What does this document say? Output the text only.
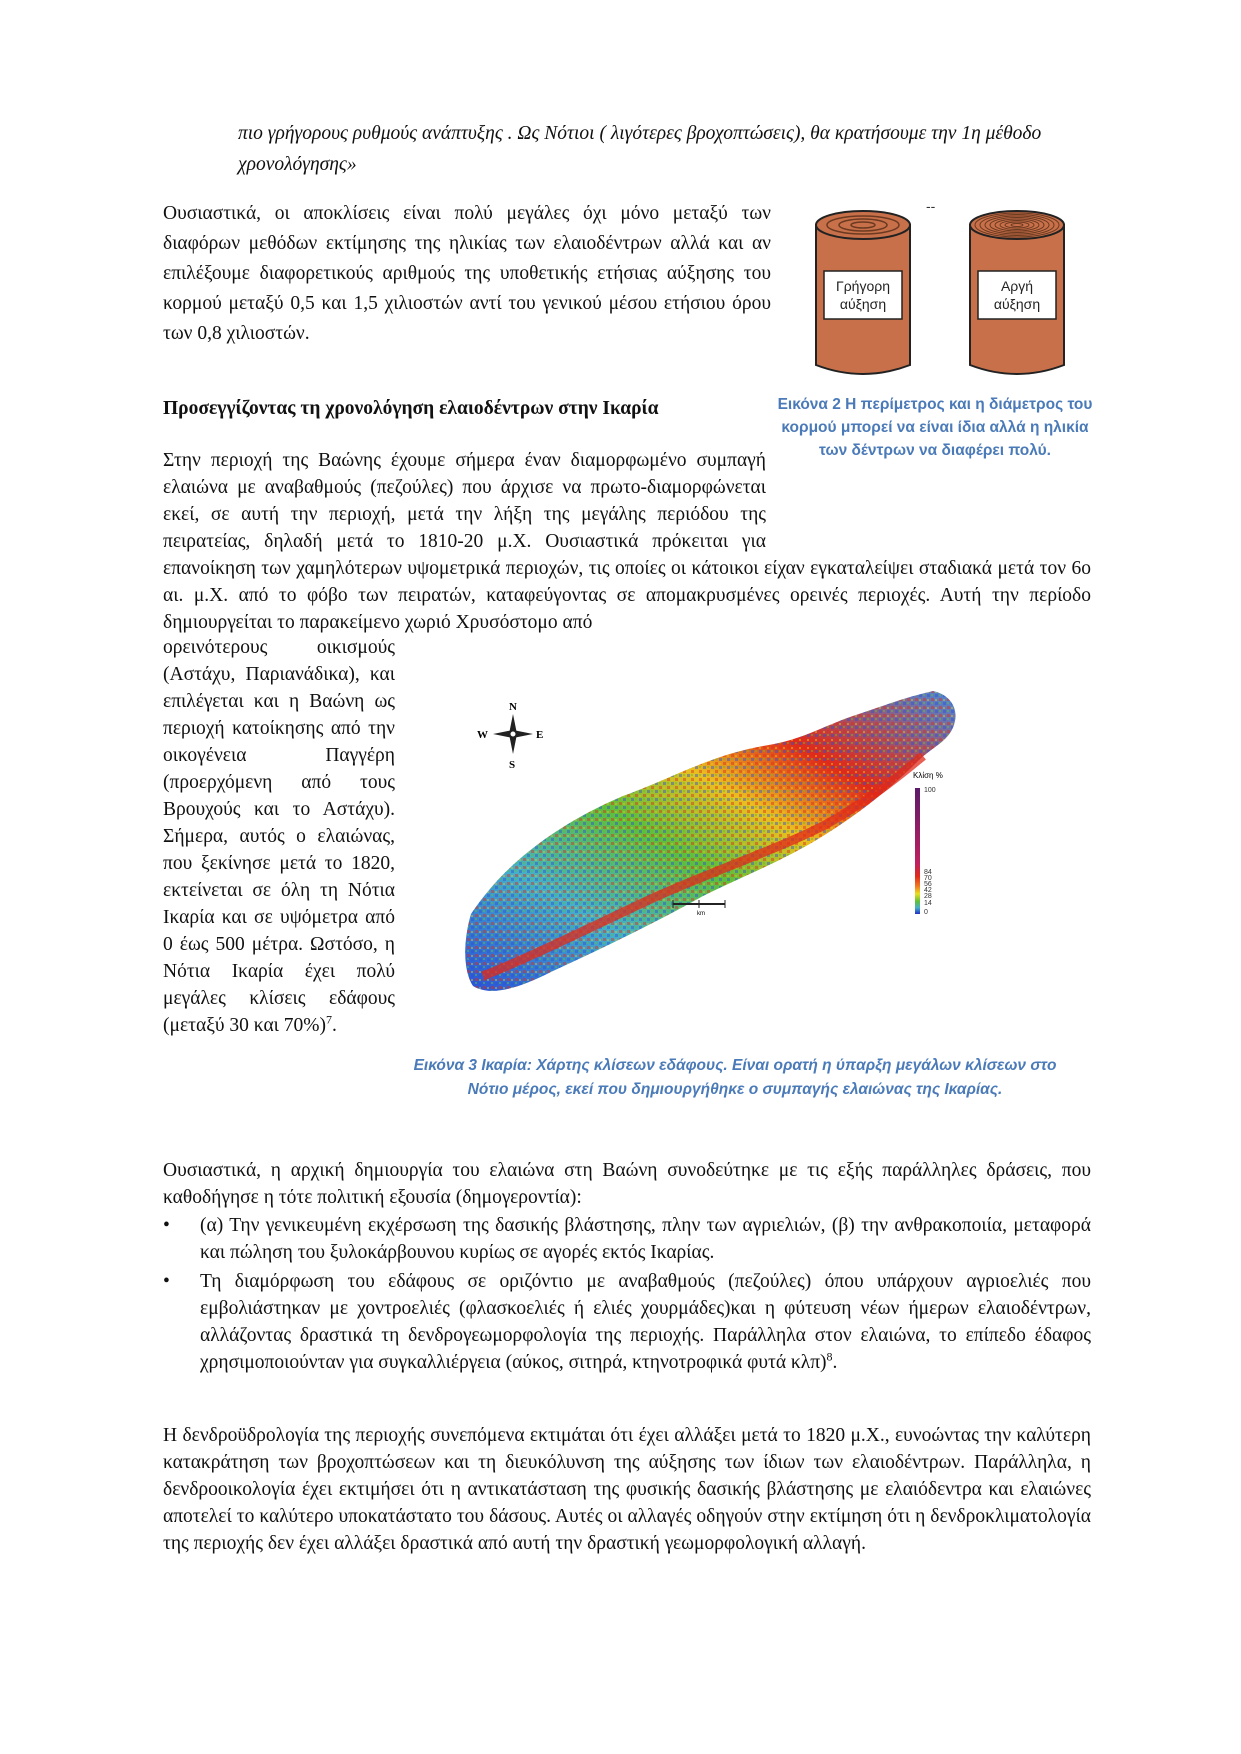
πιο γρήγορους ρυθμούς ανάπτυξης . Ως Νότιοι ( λιγότερες βροχοπτώσεις), θα κρατήσουμε την 1η μέθοδο χρονολόγησης»

Ουσιαστικά, οι αποκλίσεις είναι πολύ μεγάλες όχι μόνο μεταξύ των διαφόρων μεθόδων εκτίμησης της ηλικίας των ελαιοδέντρων αλλά και αν επιλέξουμε διαφορετικούς αριθμούς της υποθετικής ετήσιας αύξησης του κορμού μεταξύ 0,5 και 1,5 χιλιοστών αντί του γενικού μέσου ετήσιου όρου των 0,8 χιλιοστών.

--
Γρήγορη αύξηση
Αργή αύξηση

Εικόνα 2 Η περίμετρος και η διάμετρος του κορμού μπορεί να είναι ίδια αλλά η ηλικία των δέντρων να διαφέρει πολύ.

Προσεγγίζοντας τη χρονολόγηση ελαιοδέντρων στην Ικαρία

Στην περιοχή της Βαώνης έχουμε σήμερα έναν διαμορφωμένο συμπαγή ελαιώνα με αναβαθμούς (πεζούλες) που άρχισε να πρωτο-διαμορφώνεται εκεί, σε αυτή την περιοχή, μετά την λήξη της μεγάλης περιόδου της πειρατείας, δηλαδή μετά το 1810-20 μ.Χ. Ουσιαστικά πρόκειται για επανοίκηση των χαμηλότερων υψομετρικά περιοχών, τις οποίες οι κάτοικοι είχαν εγκαταλείψει σταδιακά μετά τον 6ο αι. μ.Χ. από το φόβο των πειρατών, καταφεύγοντας σε απομακρυσμένες ορεινές περιοχές. Αυτή την περίοδο δημιουργείται το παρακείμενο χωριό Χρυσόστομο από

ορεινότερους οικισμούς (Αστάχυ, Παριανάδικα), και επιλέγεται και η Βαώνη ως περιοχή κατοίκησης από την οικογένεια Παγγέρη (προερχόμενη από τους Βρουχούς και το Αστάχυ). Σήμερα, αυτός ο ελαιώνας, που ξεκίνησε μετά το 1820, εκτείνεται σε όλη τη Νότια Ικαρία και σε υψόμετρα από 0 έως 500 μέτρα. Ωστόσο, η Νότια Ικαρία έχει πολύ μεγάλες κλίσεις εδάφους (μεταξύ 30 και 70%)$^7$.

N
S
E
W
Κλίση %
100
84
70
56
42
28
14
0
km

Εικόνα 3 Ικαρία: Χάρτης κλίσεων εδάφους. Είναι ορατή η ύπαρξη μεγάλων κλίσεων στο Νότιο μέρος, εκεί που δημιουργήθηκε ο συμπαγής ελαιώνας της Ικαρίας.

Ουσιαστικά, η αρχική δημιουργία του ελαιώνα στη Βαώνη συνοδεύτηκε με τις εξής παράλληλες δράσεις, που καθοδήγησε η τότε πολιτική εξουσία (δημογεροντία):

• (α) Την γενικευμένη εκχέρσωση της δασικής βλάστησης, πλην των αγριελιών, (β) την ανθρακοποιία, μεταφορά και πώληση του ξυλοκάρβουνου κυρίως σε αγορές εκτός Ικαρίας.
• Τη διαμόρφωση του εδάφους σε οριζόντιο με αναβαθμούς (πεζούλες) όπου υπάρχουν αγριοελιές που εμβολιάστηκαν με χοντροελιές (φλασκοελιές ή ελιές χουρμάδες)και η φύτευση νέων ήμερων ελαιοδέντρων, αλλάζοντας δραστικά τη δενδρογεωμορφολογία της περιοχής. Παράλληλα στον ελαιώνα, το επίπεδο έδαφος χρησιμοποιούνταν για συγκαλλιέργεια (αύκος, σιτηρά, κτηνοτροφικά φυτά κλπ)$^8$.

Η δενδροϋδρολογία της περιοχής συνεπόμενα εκτιμάται ότι έχει αλλάξει μετά το 1820 μ.Χ., ευνοώντας την καλύτερη κατακράτηση των βροχοπτώσεων και τη διευκόλυνση της αύξησης των ίδιων των ελαιοδέντρων. Παράλληλα, η δενδροοικολογία έχει εκτιμήσει ότι η αντικατάσταση της φυσικής δασικής βλάστησης με ελαιόδεντρα και ελαιώνες αποτελεί το καλύτερο υποκατάστατο του δάσους. Αυτές οι αλλαγές οδηγούν στην εκτίμηση ότι η δενδροκλιματολογία της περιοχής δεν έχει αλλάξει δραστικά από αυτή την δραστική γεωμορφολογική αλλαγή.
